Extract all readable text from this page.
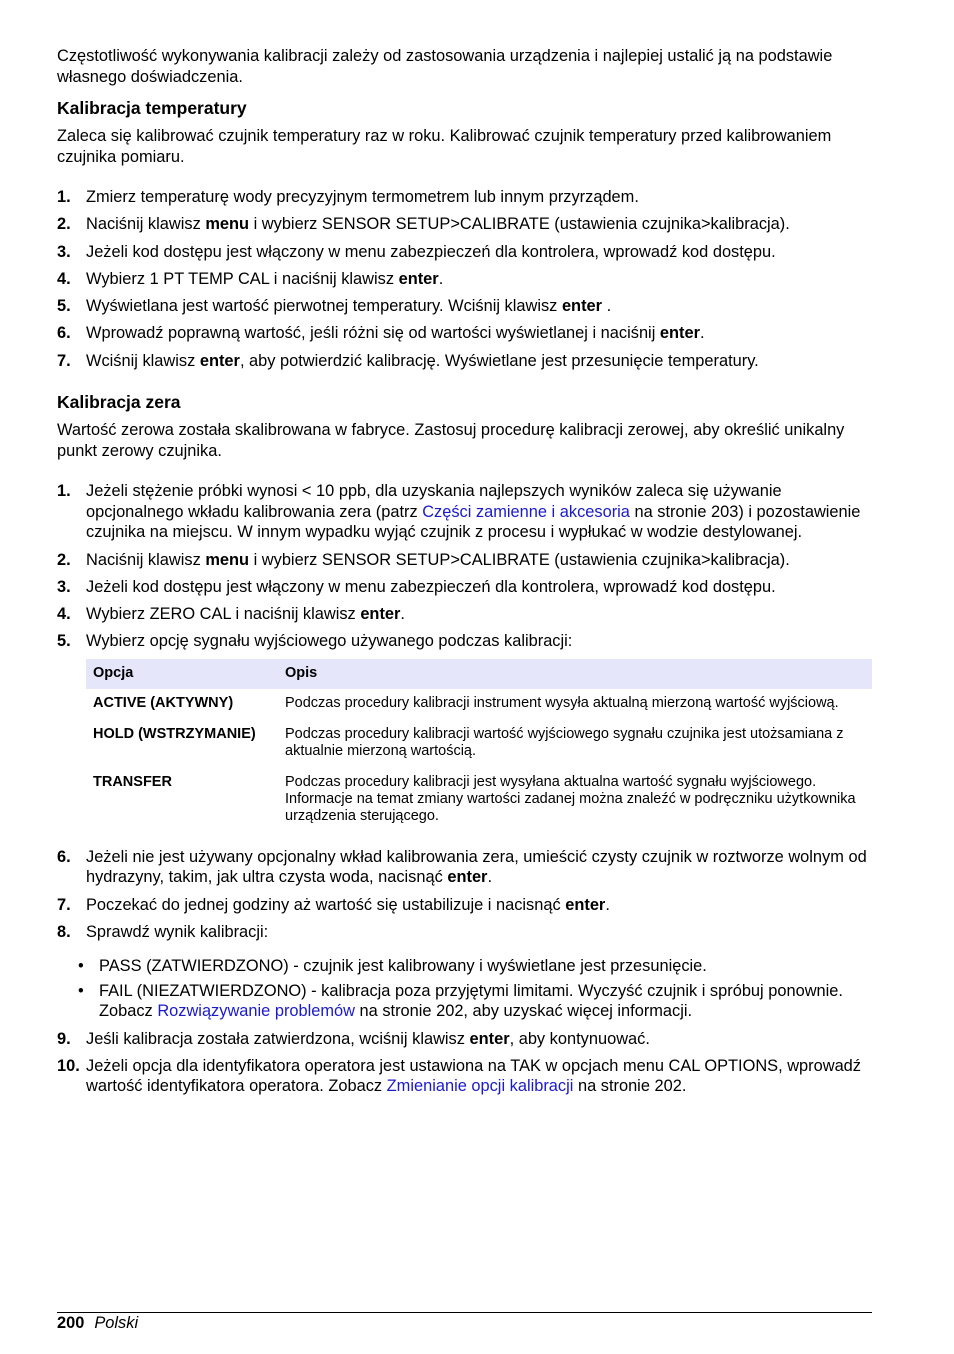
Częstotliwość wykonywania kalibracji zależy od zastosowania urządzenia i najlepiej ustalić ją na podstawie własnego doświadczenia.

Kalibracja temperatury

Zaleca się kalibrować czujnik temperatury raz w roku. Kalibrować czujnik temperatury przed kalibrowaniem czujnika pomiaru.

1. Zmierz temperaturę wody precyzyjnym termometrem lub innym przyrządem.
2. Naciśnij klawisz menu i wybierz SENSOR SETUP>CALIBRATE (ustawienia czujnika>kalibracja).
3. Jeżeli kod dostępu jest włączony w menu zabezpieczeń dla kontrolera, wprowadź kod dostępu.
4. Wybierz 1 PT TEMP CAL i naciśnij klawisz enter.
5. Wyświetlana jest wartość pierwotnej temperatury. Wciśnij klawisz enter .
6. Wprowadź poprawną wartość, jeśli różni się od wartości wyświetlanej i naciśnij enter.
7. Wciśnij klawisz enter, aby potwierdzić kalibrację. Wyświetlane jest przesunięcie temperatury.
Kalibracja zera

Wartość zerowa została skalibrowana w fabryce. Zastosuj procedurę kalibracji zerowej, aby określić unikalny punkt zerowy czujnika.

1. Jeżeli stężenie próbki wynosi < 10 ppb, dla uzyskania najlepszych wyników zaleca się używanie opcjonalnego wkładu kalibrowania zera (patrz Części zamienne i akcesoria na stronie 203) i pozostawienie czujnika na miejscu. W innym wypadku wyjąć czujnik z procesu i wypłukać w wodzie destylowanej.
2. Naciśnij klawisz menu i wybierz SENSOR SETUP>CALIBRATE (ustawienia czujnika>kalibracja).
3. Jeżeli kod dostępu jest włączony w menu zabezpieczeń dla kontrolera, wprowadź kod dostępu.
4. Wybierz ZERO CAL i naciśnij klawisz enter.
5. Wybierz opcję sygnału wyjściowego używanego podczas kalibracji:
Opcja	Opis
ACTIVE (AKTYWNY)	Podczas procedury kalibracji instrument wysyła aktualną mierzoną wartość wyjściową.
HOLD (WSTRZYMANIE)	Podczas procedury kalibracji wartość wyjściowego sygnału czujnika jest utożsamiana z aktualnie mierzoną wartością.
TRANSFER	Podczas procedury kalibracji jest wysyłana aktualna wartość sygnału wyjściowego. Informacje na temat zmiany wartości zadanej można znaleźć w podręczniku użytkownika urządzenia sterującego.
6. Jeżeli nie jest używany opcjonalny wkład kalibrowania zera, umieścić czysty czujnik w roztworze wolnym od hydrazyny, takim, jak ultra czysta woda, nacisnąć enter.
7. Poczekać do jednej godziny aż wartość się ustabilizuje i nacisnąć enter.
8. Sprawdź wynik kalibracji:
• PASS (ZATWIERDZONO) - czujnik jest kalibrowany i wyświetlane jest przesunięcie.
• FAIL (NIEZATWIERDZONO) - kalibracja poza przyjętymi limitami. Wyczyść czujnik i spróbuj ponownie. Zobacz Rozwiązywanie problemów na stronie 202, aby uzyskać więcej informacji.
9. Jeśli kalibracja została zatwierdzona, wciśnij klawisz enter, aby kontynuować.
10. Jeżeli opcja dla identyfikatora operatora jest ustawiona na TAK w opcjach menu CAL OPTIONS, wprowadź wartość identyfikatora operatora. Zobacz Zmienianie opcji kalibracji na stronie 202.
200 Polski
